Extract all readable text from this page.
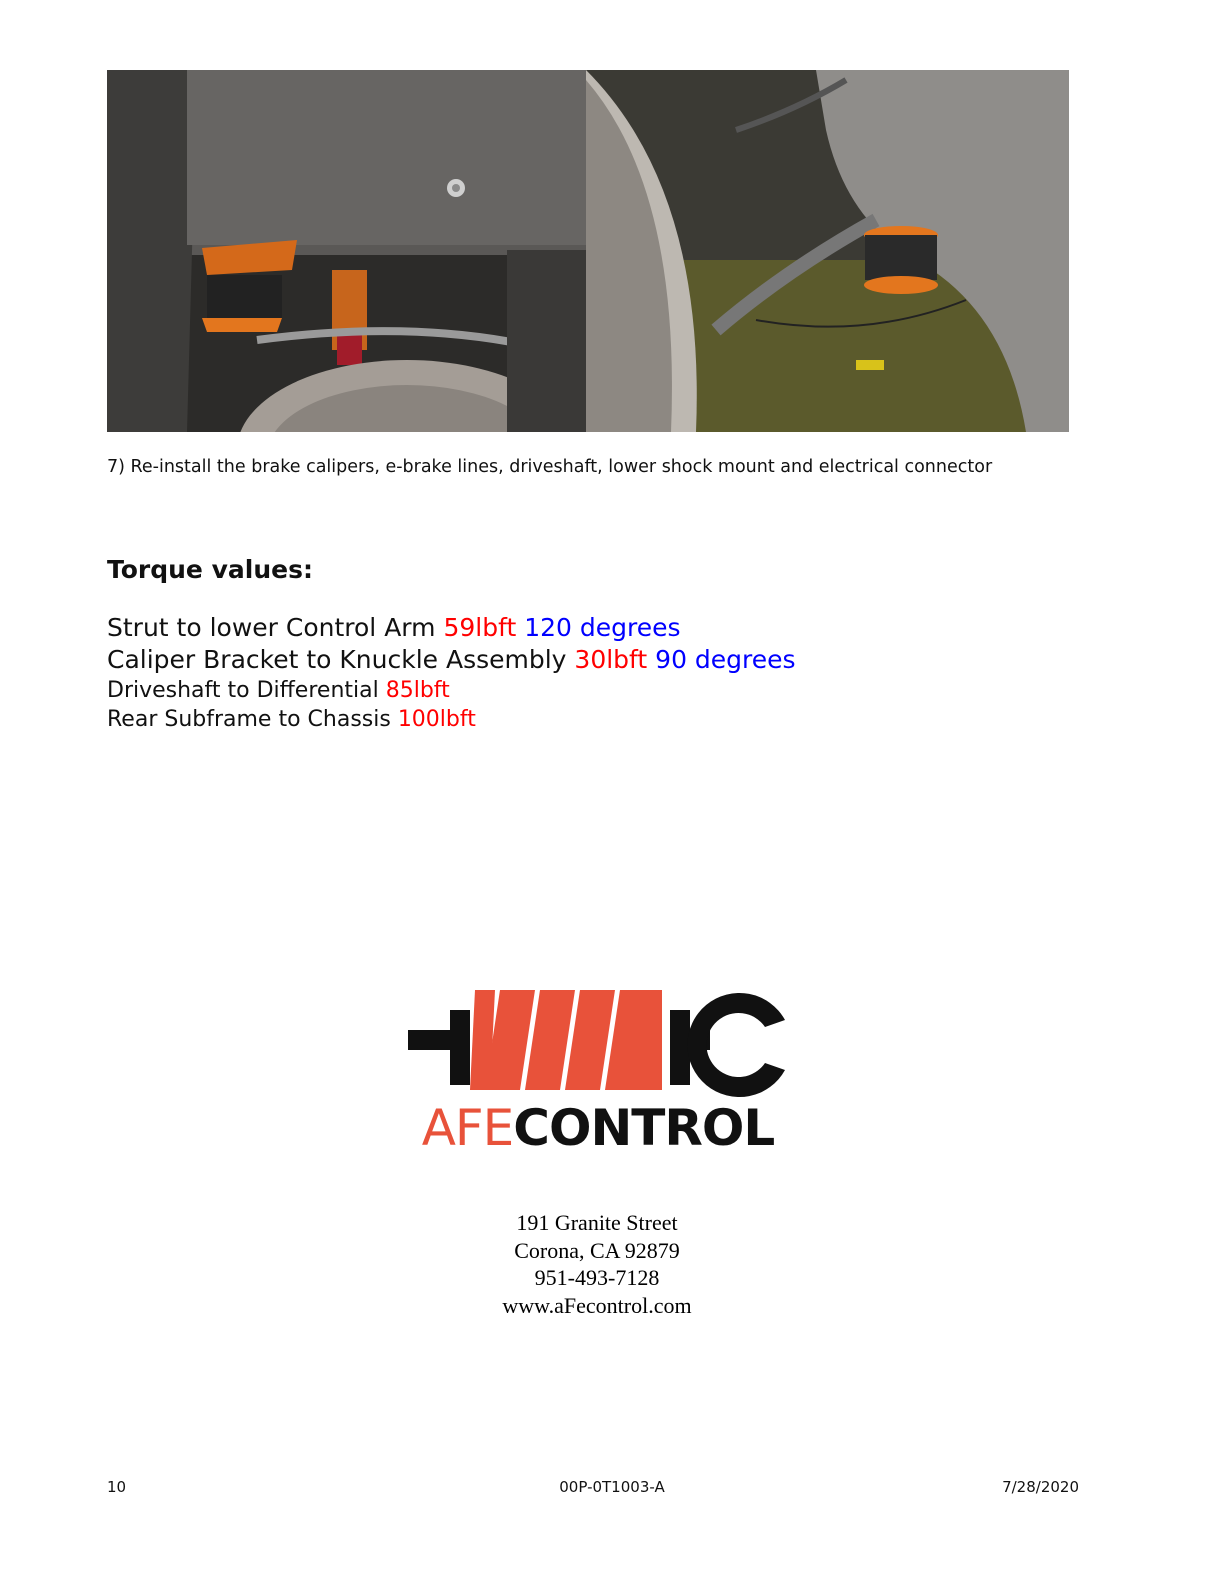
7) Re-install the brake calipers, e-brake lines, driveshaft, lower shock mount and electrical connector
Torque values:
Strut to lower Control Arm 59lbft 120 degrees
Caliper Bracket to Knuckle Assembly 30lbft 90 degrees
Driveshaft to Differential 85lbft
Rear Subframe to Chassis 100lbft
AFECONTROL
191 Granite Street
Corona, CA 92879
951-493-7128
www.aFecontrol.com
10	00P-0T1003-A	7/28/2020
